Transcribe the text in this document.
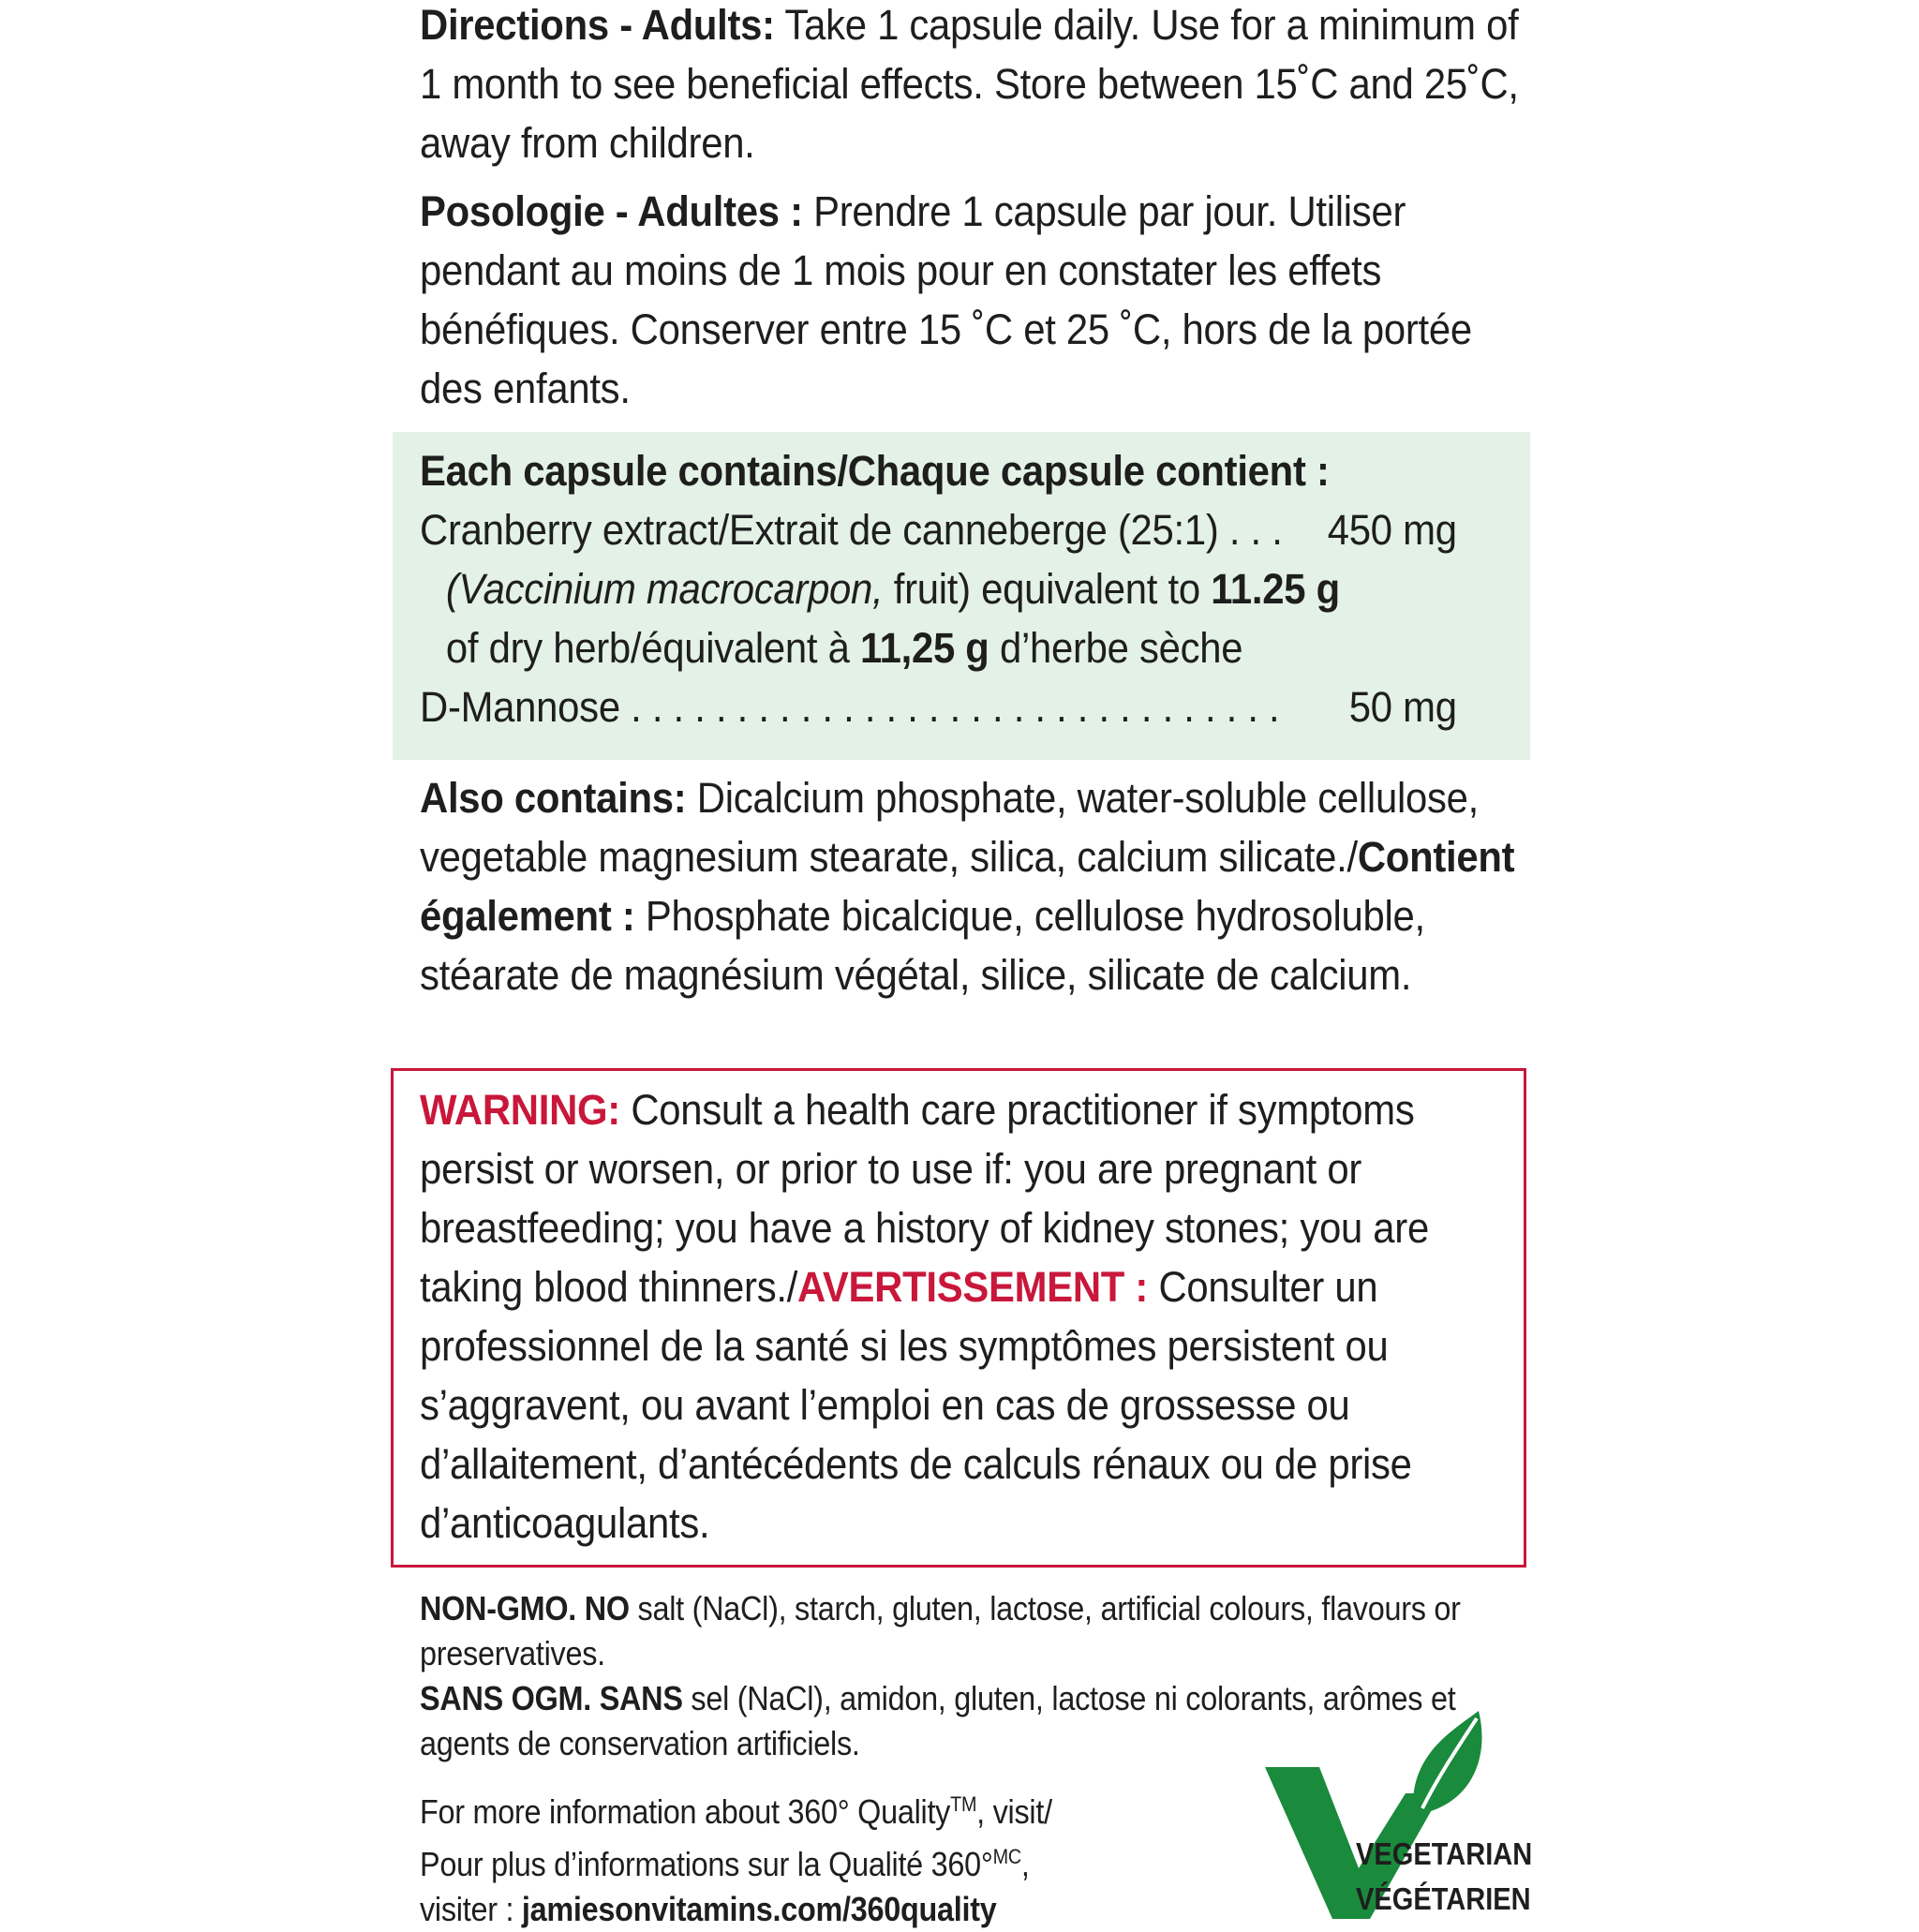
Directions - Adults: Take 1 capsule daily. Use for a minimum of 1 month to see beneficial effects. Store between 15˚C and 25˚C, away from children.
Posologie - Adultes : Prendre 1 capsule par jour. Utiliser pendant au moins de 1 mois pour en constater les effets bénéfiques. Conserver entre 15 ˚C et 25 ˚C, hors de la portée des enfants.
Each capsule contains/Chaque capsule contient :
Cranberry extract/Extrait de canneberge (25:1) . . . 450 mg
(Vaccinium macrocarpon, fruit) equivalent to 11.25 g
of dry herb/équivalent à 11,25 g d’herbe sèche
D-Mannose . . . . . . . . . . . . . . . . . . . . . . . . . . . . . . . 50 mg
Also contains: Dicalcium phosphate, water-soluble cellulose, vegetable magnesium stearate, silica, calcium silicate./Contient également : Phosphate bicalcique, cellulose hydrosoluble, stéarate de magnésium végétal, silice, silicate de calcium.
WARNING: Consult a health care practitioner if symptoms persist or worsen, or prior to use if: you are pregnant or breastfeeding; you have a history of kidney stones; you are taking blood thinners./AVERTISSEMENT : Consulter un professionnel de la santé si les symptômes persistent ou s’aggravent, ou avant l’emploi en cas de grossesse ou d’allaitement, d’antécédents de calculs rénaux ou de prise d’anticoagulants.
NON-GMO. NO salt (NaCl), starch, gluten, lactose, artificial colours, flavours or preservatives.
SANS OGM. SANS sel (NaCl), amidon, gluten, lactose ni colorants, arômes et agents de conservation artificiels.
For more information about 360° Quality™, visit/
Pour plus d’informations sur la Qualité 360°$^{MC}$,
visiter : jamiesonvitamins.com/360quality
VEGETARIAN
VÉGÉTARIEN
